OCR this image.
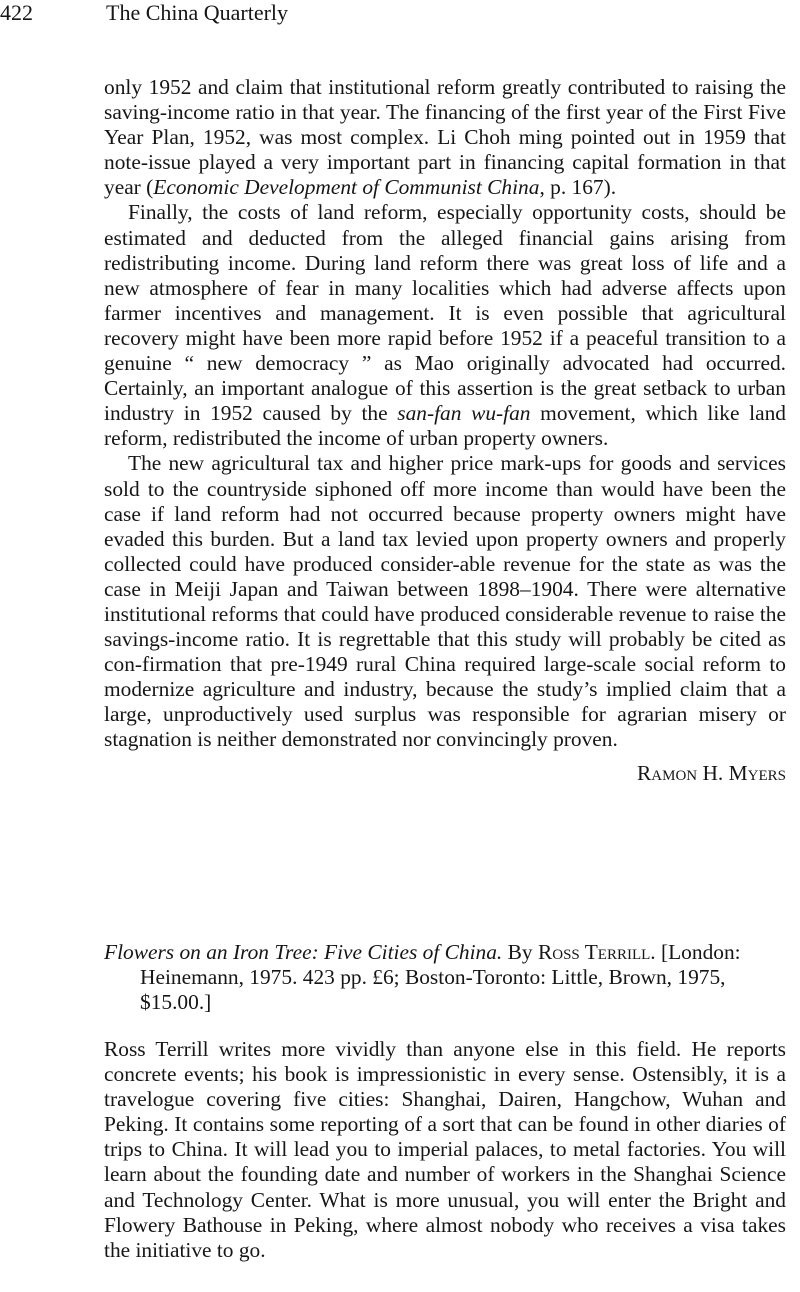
422	The China Quarterly

only 1952 and claim that institutional reform greatly contributed to raising the saving-income ratio in that year. The financing of the first year of the First Five Year Plan, 1952, was most complex. Li Choh ming pointed out in 1959 that note-issue played a very important part in financing capital formation in that year (Economic Development of Communist China, p. 167).

Finally, the costs of land reform, especially opportunity costs, should be estimated and deducted from the alleged financial gains arising from redistributing income. During land reform there was great loss of life and a new atmosphere of fear in many localities which had adverse affects upon farmer incentives and management. It is even possible that agricultural recovery might have been more rapid before 1952 if a peaceful transition to a genuine “ new democracy ” as Mao originally advocated had occurred. Certainly, an important analogue of this assertion is the great setback to urban industry in 1952 caused by the san-fan wu-fan movement, which like land reform, redistributed the income of urban property owners.

The new agricultural tax and higher price mark-ups for goods and services sold to the countryside siphoned off more income than would have been the case if land reform had not occurred because property owners might have evaded this burden. But a land tax levied upon property owners and properly collected could have produced consider-able revenue for the state as was the case in Meiji Japan and Taiwan between 1898–1904. There were alternative institutional reforms that could have produced considerable revenue to raise the savings-income ratio. It is regrettable that this study will probably be cited as con-firmation that pre-1949 rural China required large-scale social reform to modernize agriculture and industry, because the study’s implied claim that a large, unproductively used surplus was responsible for agrarian misery or stagnation is neither demonstrated nor convincingly proven.

Ramon H. Myers

Flowers on an Iron Tree: Five Cities of China. By Ross Terrill. [London: Heinemann, 1975. 423 pp. £6; Boston-Toronto: Little, Brown, 1975, $15.00.]

Ross Terrill writes more vividly than anyone else in this field. He reports concrete events; his book is impressionistic in every sense. Ostensibly, it is a travelogue covering five cities: Shanghai, Dairen, Hangchow, Wuhan and Peking. It contains some reporting of a sort that can be found in other diaries of trips to China. It will lead you to imperial palaces, to metal factories. You will learn about the founding date and number of workers in the Shanghai Science and Technology Center. What is more unusual, you will enter the Bright and Flowery Bathouse in Peking, where almost nobody who receives a visa takes the initiative to go.
